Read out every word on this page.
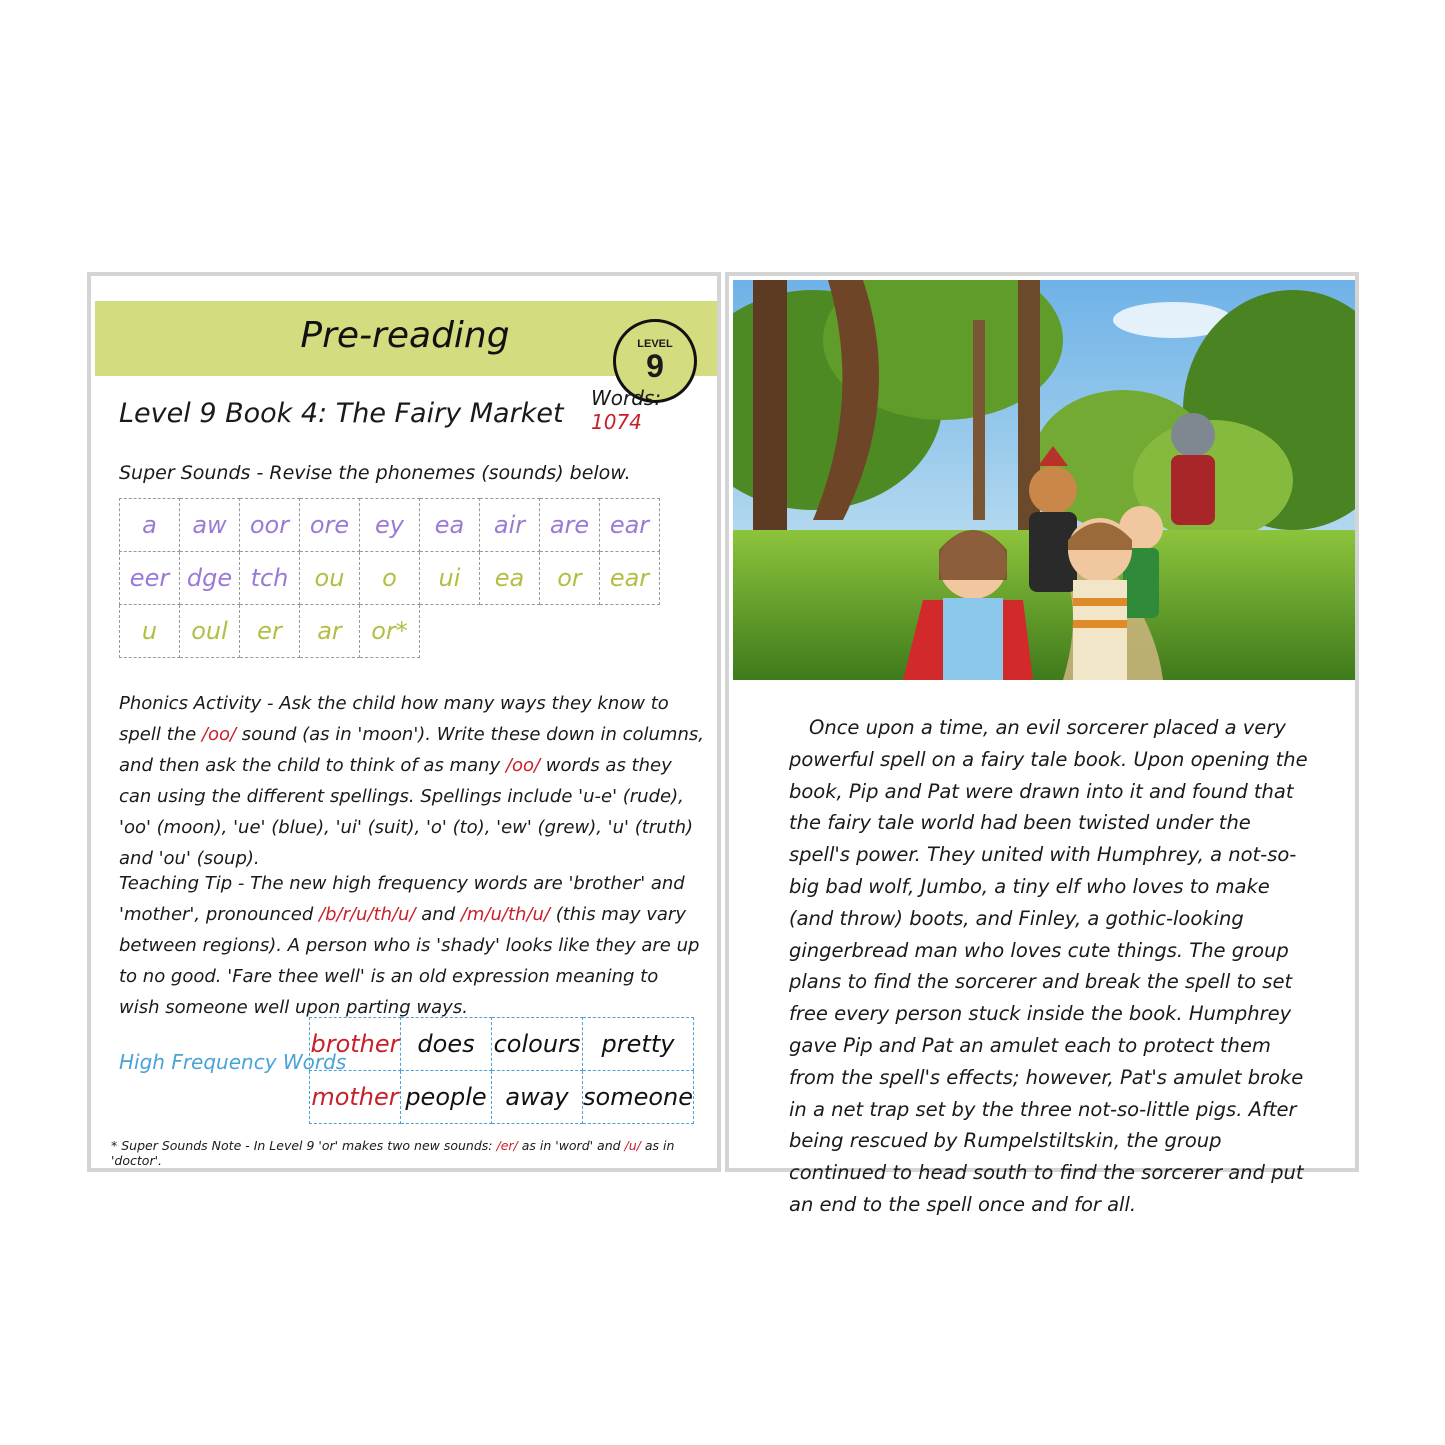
Pre-reading	LEVEL
9
Words: 1074
Level 9 Book 4: The Fairy Market
Super Sounds - Revise the phonemes (sounds) below.
a	aw	oor	ore	ey	ea	air	are	ear
eer	dge	tch	ou	o	ui	ea	or	ear
u	oul	er	ar	or*				
Phonics Activity - Ask the child how many ways they know to spell the /oo/ sound (as in 'moon'). Write these down in columns, and then ask the child to think of as many /oo/ words as they can using the different spellings. Spellings include 'u-e' (rude), 'oo' (moon), 'ue' (blue), 'ui' (suit), 'o' (to), 'ew' (grew), 'u' (truth) and 'ou' (soup).
Teaching Tip - The new high frequency words are 'brother' and 'mother', pronounced /b/r/u/th/u/ and /m/u/th/u/ (this may vary between regions). A person who is 'shady' looks like they are up to no good. 'Fare thee well' is an old expression meaning to wish someone well upon parting ways.
High Frequency Words
brother	does	colours	pretty
mother	people	away	someone
* Super Sounds Note - In Level 9 'or' makes two new sounds: /er/ as in 'word' and /u/ as in 'doctor'.
Once upon a time, an evil sorcerer placed a very powerful spell on a fairy tale book. Upon opening the book, Pip and Pat were drawn into it and found that the fairy tale world had been twisted under the spell's power. They united with Humphrey, a not-so-big bad wolf, Jumbo, a tiny elf who loves to make (and throw) boots, and Finley, a gothic-looking gingerbread man who loves cute things. The group plans to find the sorcerer and break the spell to set free every person stuck inside the book. Humphrey gave Pip and Pat an amulet each to protect them from the spell's effects; however, Pat's amulet broke in a net trap set by the three not-so-little pigs. After being rescued by Rumpelstiltskin, the group continued to head south to find the sorcerer and put an end to the spell once and for all.
